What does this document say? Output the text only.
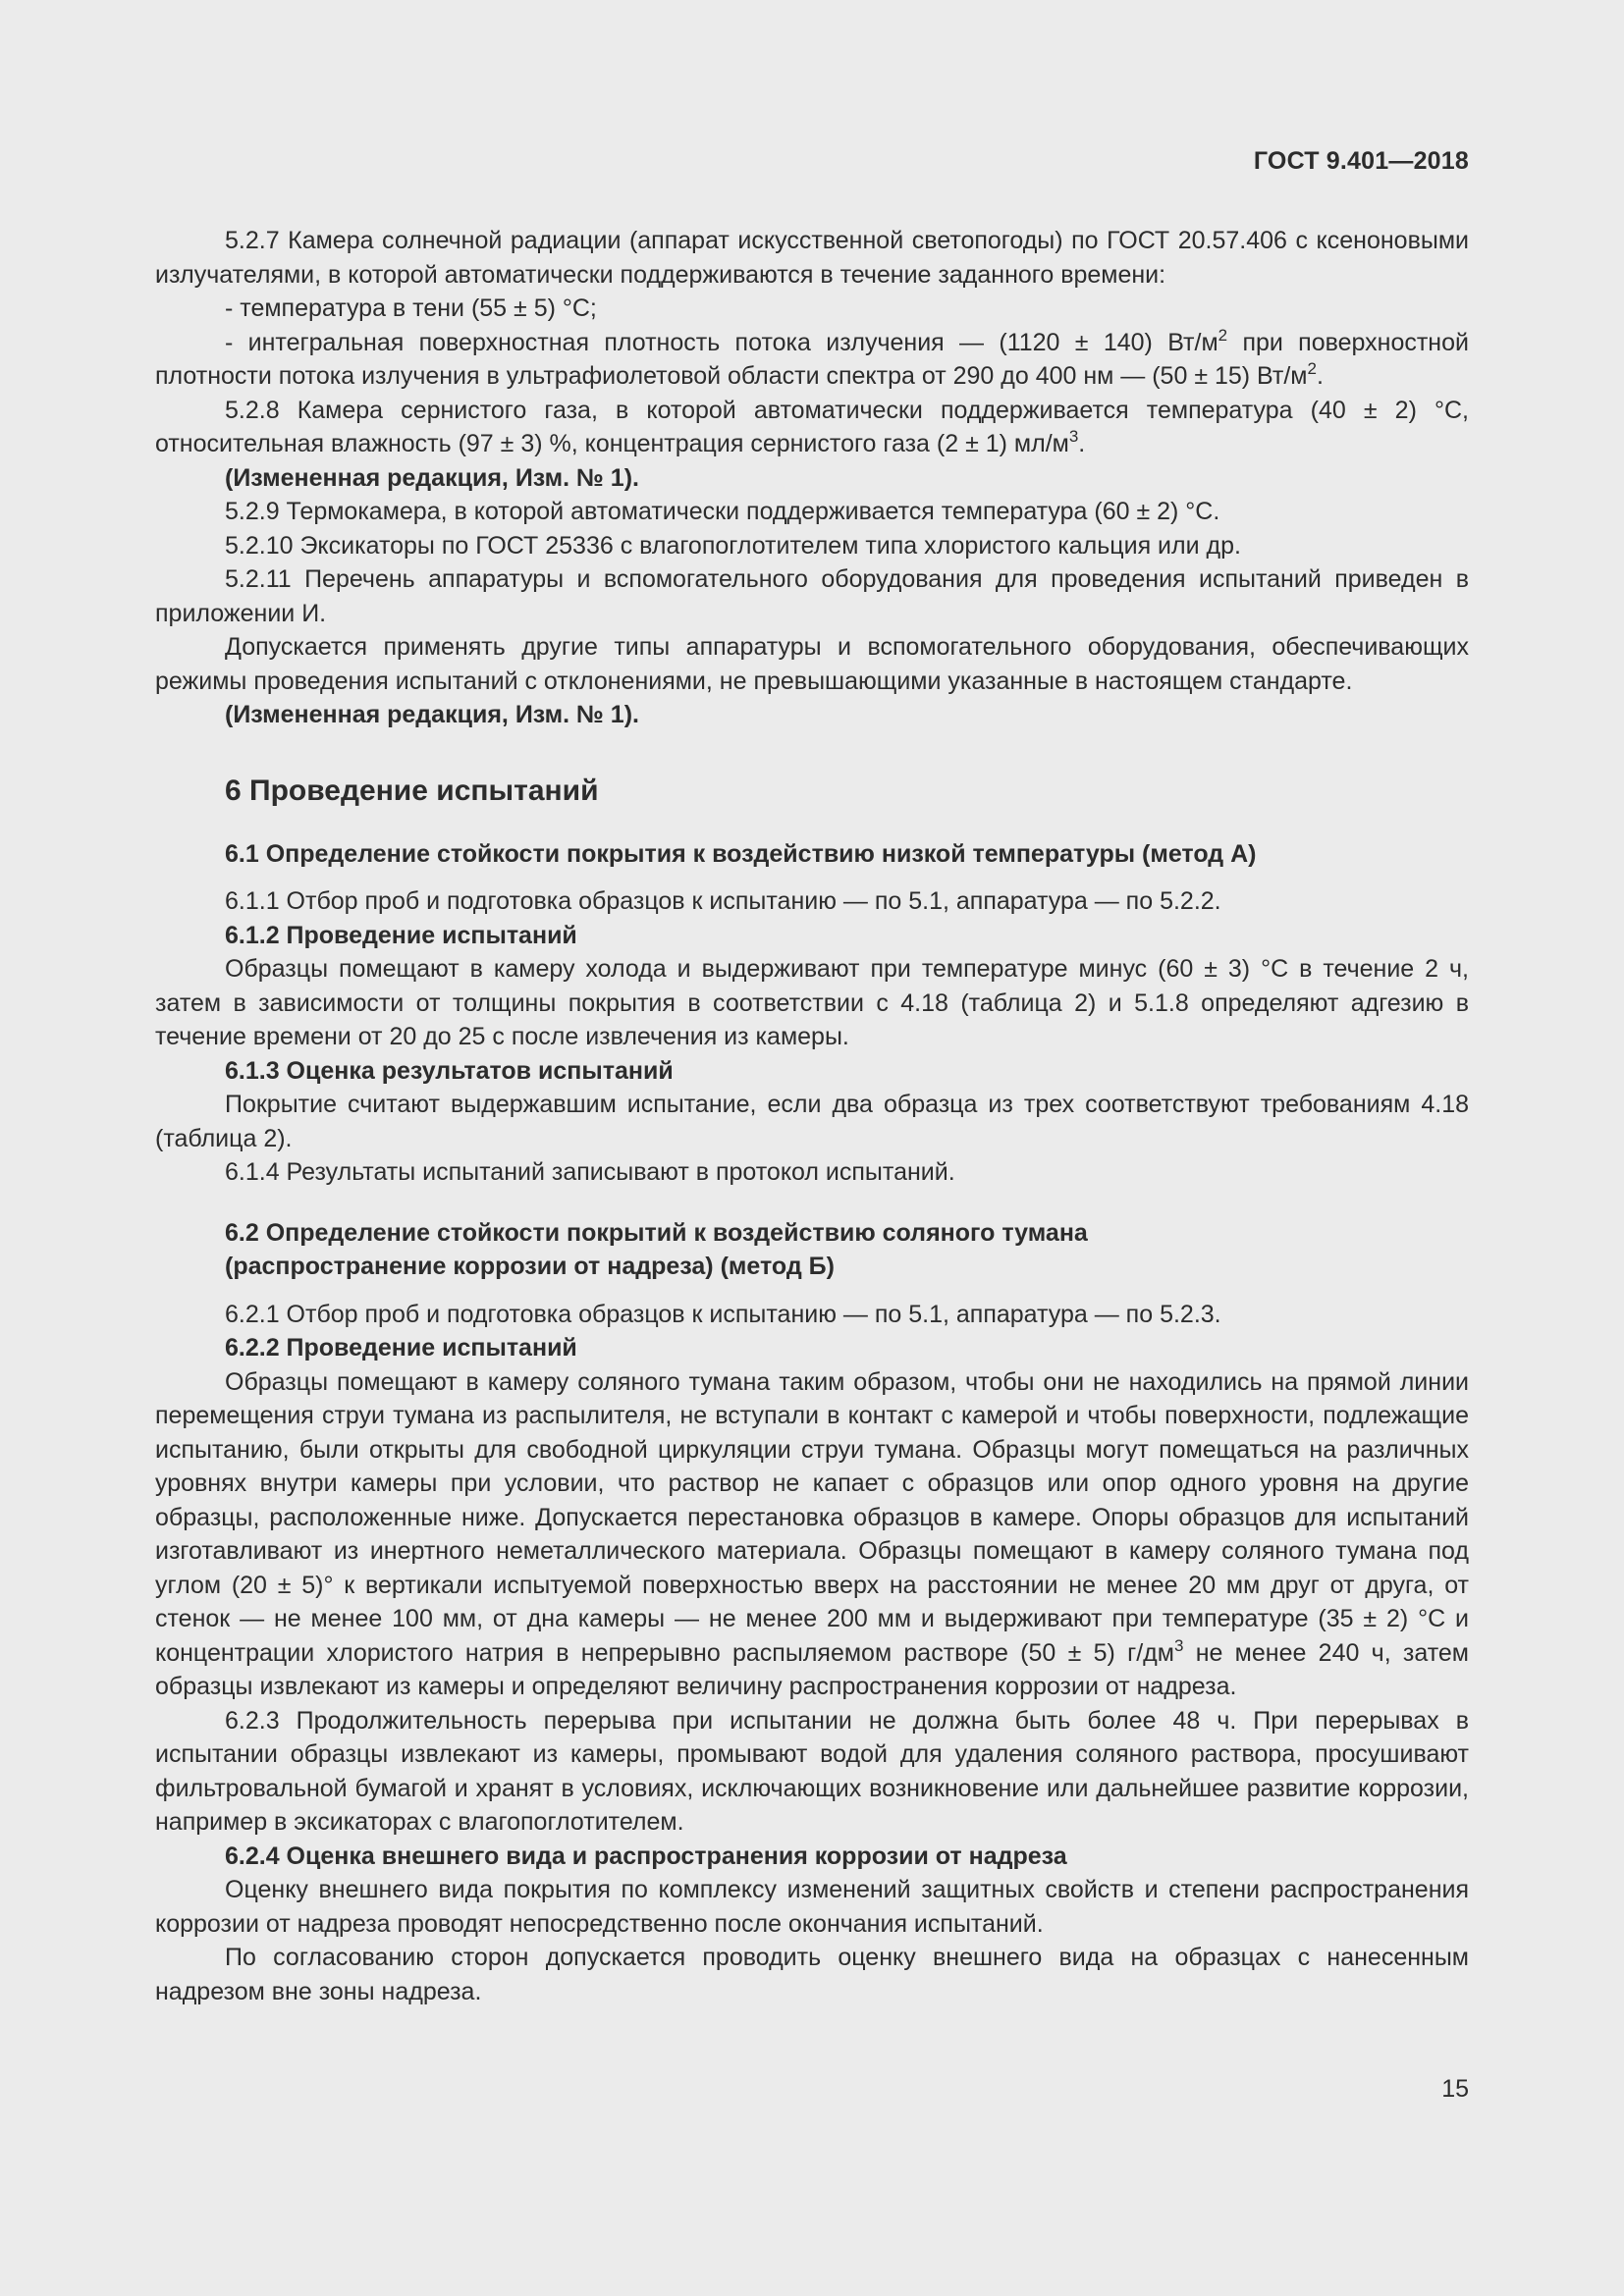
ГОСТ 9.401—2018

5.2.7 Камера солнечной радиации (аппарат искусственной светопогоды) по ГОСТ 20.57.406 с ксеноновыми излучателями, в которой автоматически поддерживаются в течение заданного времени:

- температура в тени (55 ± 5) °С;

- интегральная поверхностная плотность потока излучения — (1120 ± 140) $Вт/м^2$ при поверхностной плотности потока излучения в ультрафиолетовой области спектра от 290 до 400 нм — (50 ± 15) $Вт/м^2$.

5.2.8 Камера сернистого газа, в которой автоматически поддерживается температура (40 ± 2) °С, относительная влажность (97 ± 3) %, концентрация сернистого газа (2 ± 1) $мл/м^3$.

(Измененная редакция, Изм. № 1).

5.2.9 Термокамера, в которой автоматически поддерживается температура (60 ± 2) °С.

5.2.10 Эксикаторы по ГОСТ 25336 с влагопоглотителем типа хлористого кальция или др.

5.2.11 Перечень аппаратуры и вспомогательного оборудования для проведения испытаний приведен в приложении И.

Допускается применять другие типы аппаратуры и вспомогательного оборудования, обеспечивающих режимы проведения испытаний с отклонениями, не превышающими указанные в настоящем стандарте.

(Измененная редакция, Изм. № 1).

6 Проведение испытаний
6.1 Определение стойкости покрытия к воздействию низкой температуры (метод А)

6.1.1 Отбор проб и подготовка образцов к испытанию — по 5.1, аппаратура — по 5.2.2.

6.1.2 Проведение испытаний

Образцы помещают в камеру холода и выдерживают при температуре минус (60 ± 3) °С в течение 2 ч, затем в зависимости от толщины покрытия в соответствии с 4.18 (таблица 2) и 5.1.8 определяют адгезию в течение времени от 20 до 25 с после извлечения из камеры.

6.1.3 Оценка результатов испытаний

Покрытие считают выдержавшим испытание, если два образца из трех соответствуют требованиям 4.18 (таблица 2).

6.1.4 Результаты испытаний записывают в протокол испытаний.

6.2 Определение стойкости покрытий к воздействию соляного тумана
(распространение коррозии от надреза) (метод Б)

6.2.1 Отбор проб и подготовка образцов к испытанию — по 5.1, аппаратура — по 5.2.3.

6.2.2 Проведение испытаний

Образцы помещают в камеру соляного тумана таким образом, чтобы они не находились на прямой линии перемещения струи тумана из распылителя, не вступали в контакт с камерой и чтобы поверхности, подлежащие испытанию, были открыты для свободной циркуляции струи тумана. Образцы могут помещаться на различных уровнях внутри камеры при условии, что раствор не капает с образцов или опор одного уровня на другие образцы, расположенные ниже. Допускается перестановка образцов в камере. Опоры образцов для испытаний изготавливают из инертного неметаллического материала. Образцы помещают в камеру соляного тумана под углом (20 ± 5)° к вертикали испытуемой поверхностью вверх на расстоянии не менее 20 мм друг от друга, от стенок — не менее 100 мм, от дна камеры — не менее 200 мм и выдерживают при температуре (35 ± 2) °С и концентрации хлористого натрия в непрерывно распыляемом растворе (50 ± 5) $г/дм^3$ не менее 240 ч, затем образцы извлекают из камеры и определяют величину распространения коррозии от надреза.

6.2.3 Продолжительность перерыва при испытании не должна быть более 48 ч. При перерывах в испытании образцы извлекают из камеры, промывают водой для удаления соляного раствора, просушивают фильтровальной бумагой и хранят в условиях, исключающих возникновение или дальнейшее развитие коррозии, например в эксикаторах с влагопоглотителем.

6.2.4 Оценка внешнего вида и распространения коррозии от надреза

Оценку внешнего вида покрытия по комплексу изменений защитных свойств и степени распространения коррозии от надреза проводят непосредственно после окончания испытаний.

По согласованию сторон допускается проводить оценку внешнего вида на образцах с нанесенным надрезом вне зоны надреза.

15
